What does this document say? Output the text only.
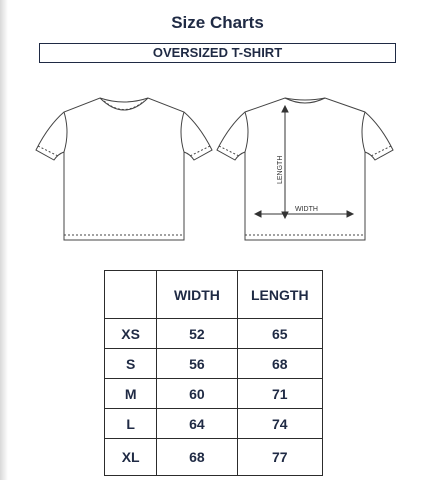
Size Charts
OVERSIZED T-SHIRT
LENGTH
WIDTH
	WIDTH	LENGTH
XS	52	65
S	56	68
M	60	71
L	64	74
XL	68	77
